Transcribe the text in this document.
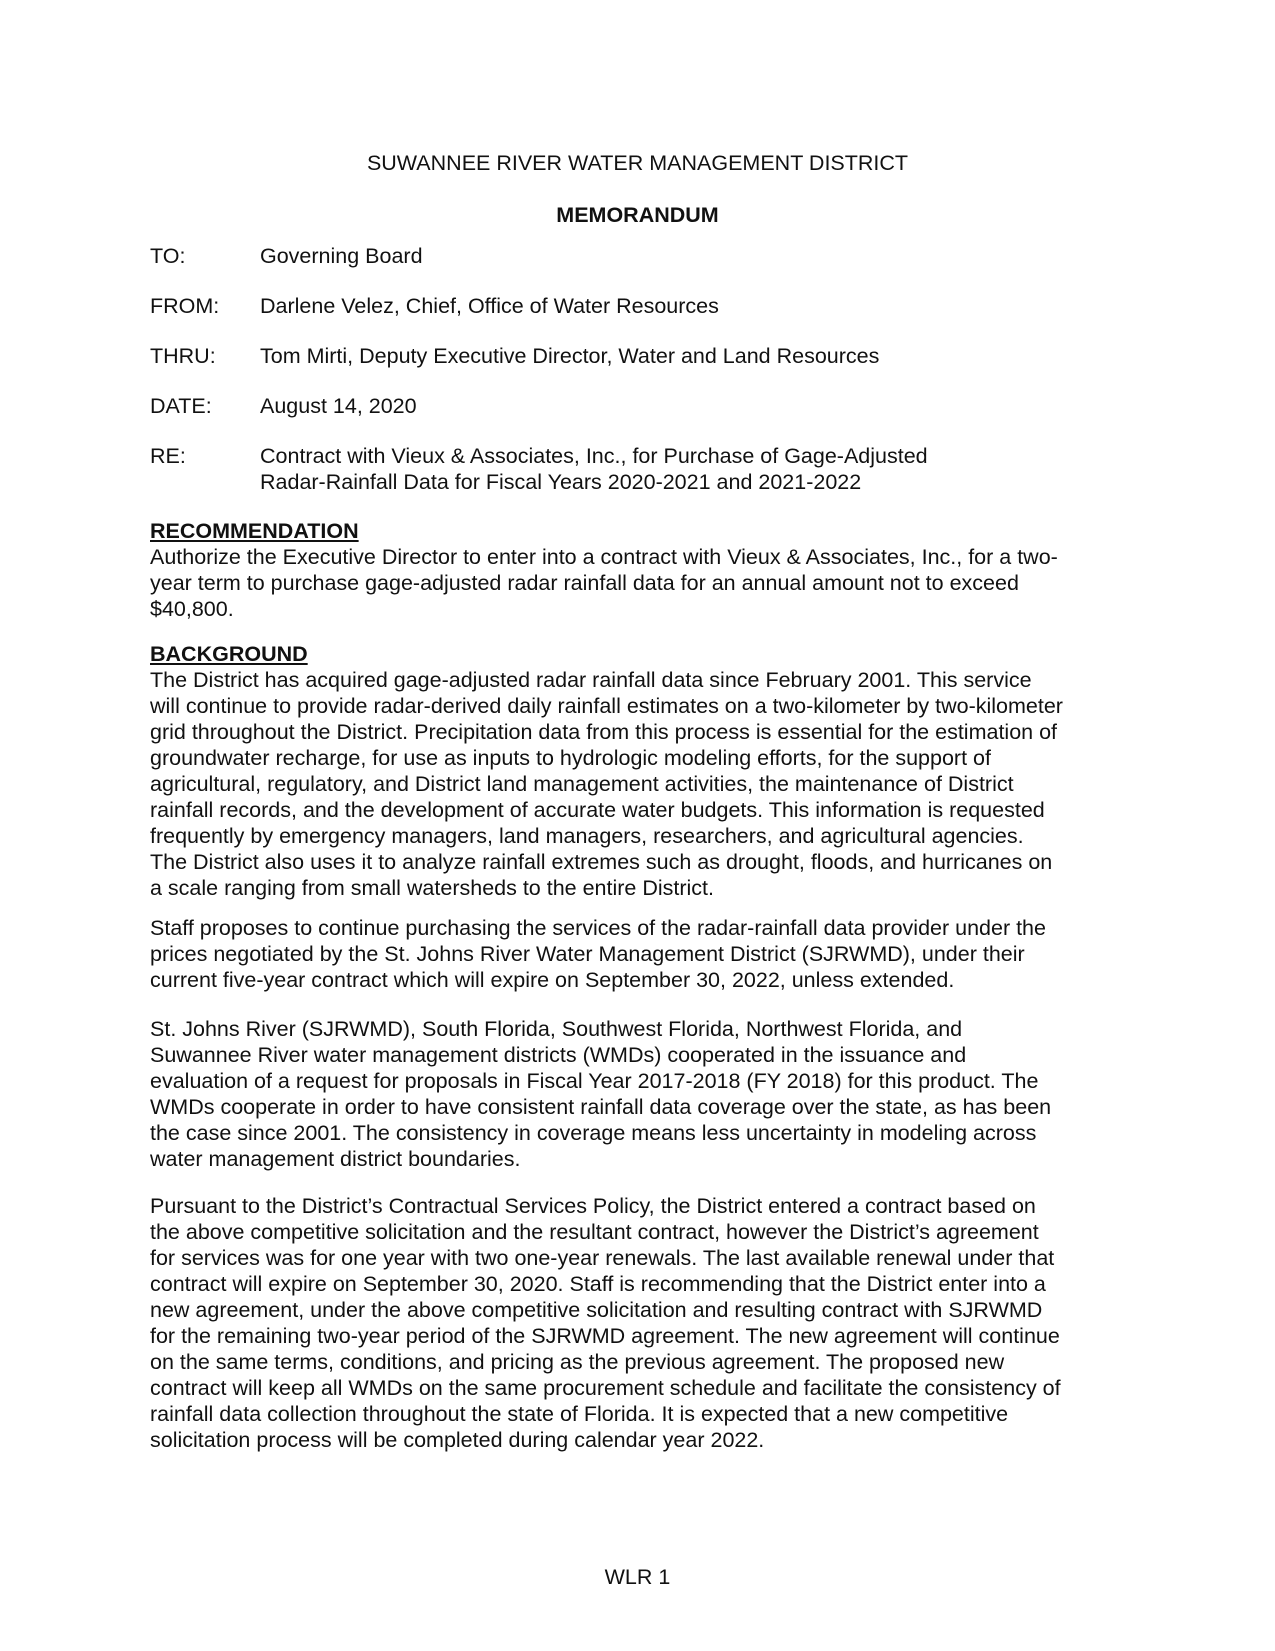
SUWANNEE RIVER WATER MANAGEMENT DISTRICT
MEMORANDUM
TO:	Governing Board
FROM:	Darlene Velez, Chief, Office of Water Resources
THRU:	Tom Mirti, Deputy Executive Director, Water and Land Resources
DATE:	August 14, 2020
RE:	Contract with Vieux & Associates, Inc., for Purchase of Gage-Adjusted
Radar-Rainfall Data for Fiscal Years 2020-2021 and 2021-2022
RECOMMENDATION

Authorize the Executive Director to enter into a contract with Vieux & Associates, Inc., for a two-
year term to purchase gage-adjusted radar rainfall data for an annual amount not to exceed
$40,800.

BACKGROUND

The District has acquired gage-adjusted radar rainfall data since February 2001. This service
will continue to provide radar-derived daily rainfall estimates on a two-kilometer by two-kilometer
grid throughout the District. Precipitation data from this process is essential for the estimation of
groundwater recharge, for use as inputs to hydrologic modeling efforts, for the support of
agricultural, regulatory, and District land management activities, the maintenance of District
rainfall records, and the development of accurate water budgets. This information is requested
frequently by emergency managers, land managers, researchers, and agricultural agencies.
The District also uses it to analyze rainfall extremes such as drought, floods, and hurricanes on
a scale ranging from small watersheds to the entire District.

Staff proposes to continue purchasing the services of the radar-rainfall data provider under the
prices negotiated by the St. Johns River Water Management District (SJRWMD), under their
current five-year contract which will expire on September 30, 2022, unless extended.

St. Johns River (SJRWMD), South Florida, Southwest Florida, Northwest Florida, and
Suwannee River water management districts (WMDs) cooperated in the issuance and
evaluation of a request for proposals in Fiscal Year 2017-2018 (FY 2018) for this product. The
WMDs cooperate in order to have consistent rainfall data coverage over the state, as has been
the case since 2001. The consistency in coverage means less uncertainty in modeling across
water management district boundaries.

Pursuant to the District’s Contractual Services Policy, the District entered a contract based on
the above competitive solicitation and the resultant contract, however the District’s agreement
for services was for one year with two one-year renewals. The last available renewal under that
contract will expire on September 30, 2020. Staff is recommending that the District enter into a
new agreement, under the above competitive solicitation and resulting contract with SJRWMD
for the remaining two-year period of the SJRWMD agreement. The new agreement will continue
on the same terms, conditions, and pricing as the previous agreement. The proposed new
contract will keep all WMDs on the same procurement schedule and facilitate the consistency of
rainfall data collection throughout the state of Florida. It is expected that a new competitive
solicitation process will be completed during calendar year 2022.

WLR 1
